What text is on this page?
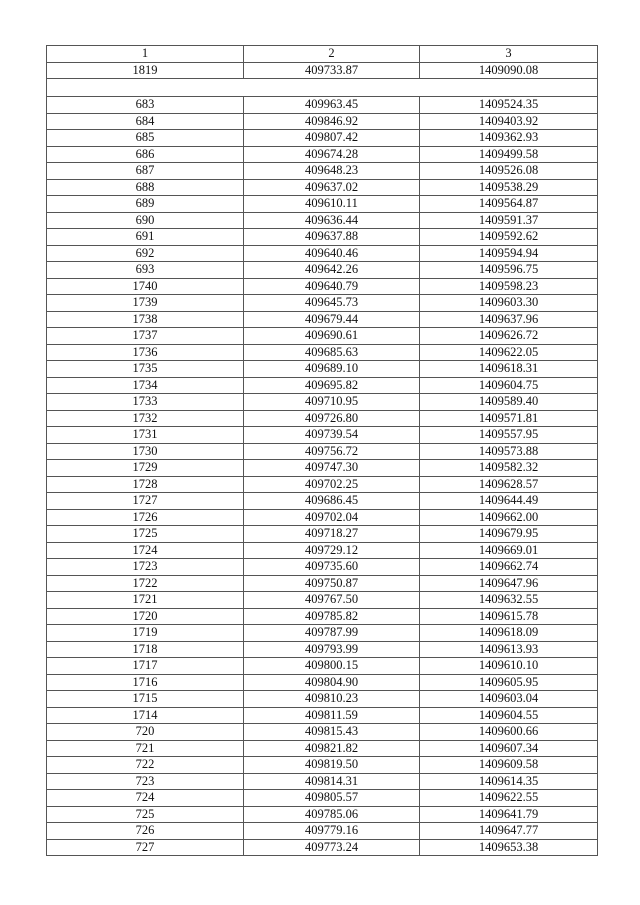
1	2	3
1819	409733.87	1409090.08

683	409963.45	1409524.35
684	409846.92	1409403.92
685	409807.42	1409362.93
686	409674.28	1409499.58
687	409648.23	1409526.08
688	409637.02	1409538.29
689	409610.11	1409564.87
690	409636.44	1409591.37
691	409637.88	1409592.62
692	409640.46	1409594.94
693	409642.26	1409596.75
1740	409640.79	1409598.23
1739	409645.73	1409603.30
1738	409679.44	1409637.96
1737	409690.61	1409626.72
1736	409685.63	1409622.05
1735	409689.10	1409618.31
1734	409695.82	1409604.75
1733	409710.95	1409589.40
1732	409726.80	1409571.81
1731	409739.54	1409557.95
1730	409756.72	1409573.88
1729	409747.30	1409582.32
1728	409702.25	1409628.57
1727	409686.45	1409644.49
1726	409702.04	1409662.00
1725	409718.27	1409679.95
1724	409729.12	1409669.01
1723	409735.60	1409662.74
1722	409750.87	1409647.96
1721	409767.50	1409632.55
1720	409785.82	1409615.78
1719	409787.99	1409618.09
1718	409793.99	1409613.93
1717	409800.15	1409610.10
1716	409804.90	1409605.95
1715	409810.23	1409603.04
1714	409811.59	1409604.55
720	409815.43	1409600.66
721	409821.82	1409607.34
722	409819.50	1409609.58
723	409814.31	1409614.35
724	409805.57	1409622.55
725	409785.06	1409641.79
726	409779.16	1409647.77
727	409773.24	1409653.38
